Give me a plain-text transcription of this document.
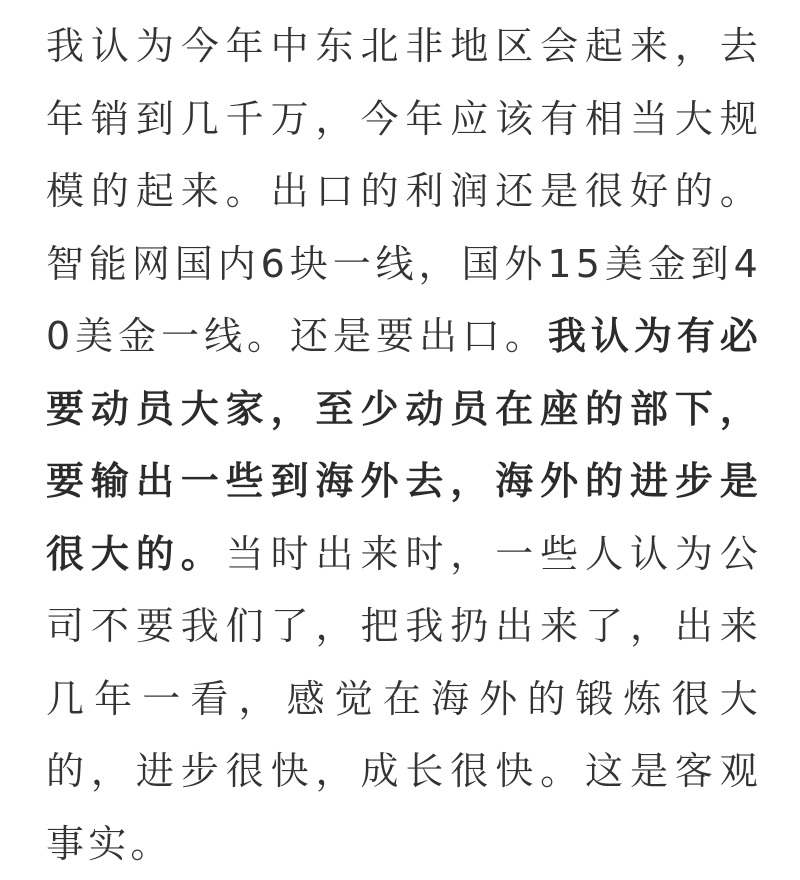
我认为今年中东北非地区会起来，去年销到几千万，今年应该有相当大规模的起来。出口的利润还是很好的。智能网国内6块一线，国外15美金到40美金一线。还是要出口。我认为有必要动员大家，至少动员在座的部下，要输出一些到海外去，海外的进步是很大的。当时出来时，一些人认为公司不要我们了，把我扔出来了，出来几年一看，感觉在海外的锻炼很大的，进步很快，成长很快。这是客观事实。
